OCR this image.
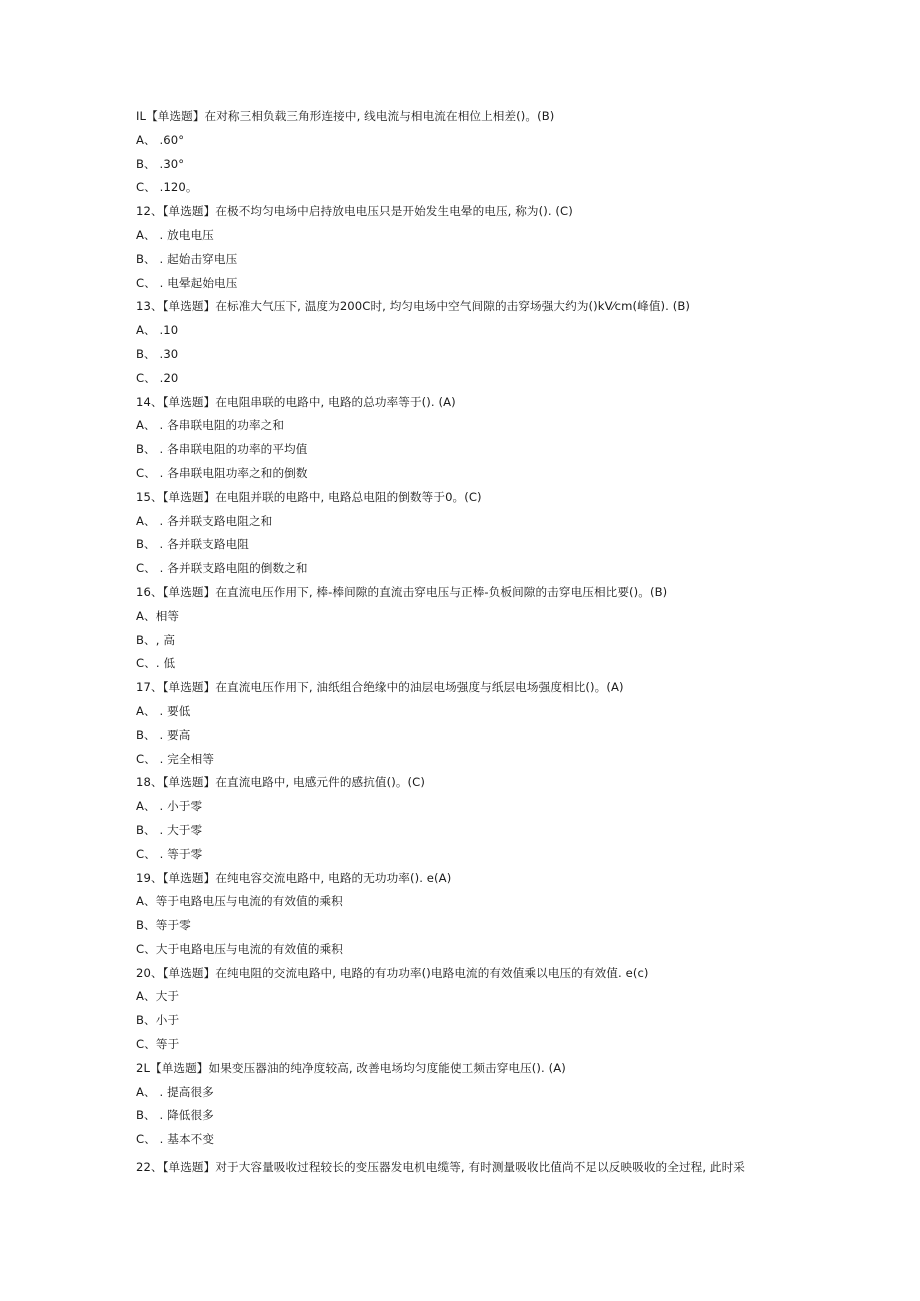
IL【单选题】在对称三相负载三角形连接中, 线电流与相电流在相位上相差()。(B)
A、 .60°
B、 .30°
C、 .120。
12、【单选题】在极不均匀电场中启持放电电压只是开始发生电晕的电压, 称为(). (C)
A、 . 放电电压
B、 . 起始击穿电压
C、 . 电晕起始电压
13、【单选题】在标准大气压下, 温度为200C时, 均匀电场中空气间隙的击穿场强大约为()kV⁄cm(峰值). (B)
A、 .10
B、 .30
C、 .20
14、【单选题】在电阻串联的电路中, 电路的总功率等于(). (A)
A、 . 各串联电阻的功率之和
B、 . 各串联电阻的功率的平均值
C、 . 各串联电阻功率之和的倒数
15、【单选题】在电阻并联的电路中, 电路总电阻的倒数等于0。(C)
A、 . 各并联支路电阻之和
B、 . 各并联支路电阻
C、 . 各并联支路电阻的倒数之和
16、【单选题】在直流电压作用下, 棒-棒间隙的直流击穿电压与正棒-负板间隙的击穿电压相比要()。(B)
A、相等
B、, 高
C、. 低
17、【单选题】在直流电压作用下, 油纸组合绝缘中的油层电场强度与纸层电场强度相比()。(A)
A、 . 要低
B、 . 要高
C、 . 完全相等
18、【单选题】在直流电路中, 电感元件的感抗值()。(C)
A、 . 小于零
B、 . 大于零
C、 . 等于零
19、【单选题】在纯电容交流电路中, 电路的无功功率(). e(A)
A、等于电路电压与电流的有效值的乘积
B、等于零
C、大于电路电压与电流的有效值的乘积
20、【单选题】在纯电阻的交流电路中, 电路的有功功率()电路电流的有效值乘以电压的有效值. e(c)
A、大于
B、小于
C、等于
2L【单选题】如果变压器油的纯净度较高, 改善电场均匀度能使工频击穿电压(). (A)
A、 . 提高很多
B、 . 降低很多
C、 . 基本不变
22、【单选题】对于大容量吸收过程较长的变压器发电机电缆等, 有时测量吸收比值尚不足以反映吸收的全过程, 此时采
